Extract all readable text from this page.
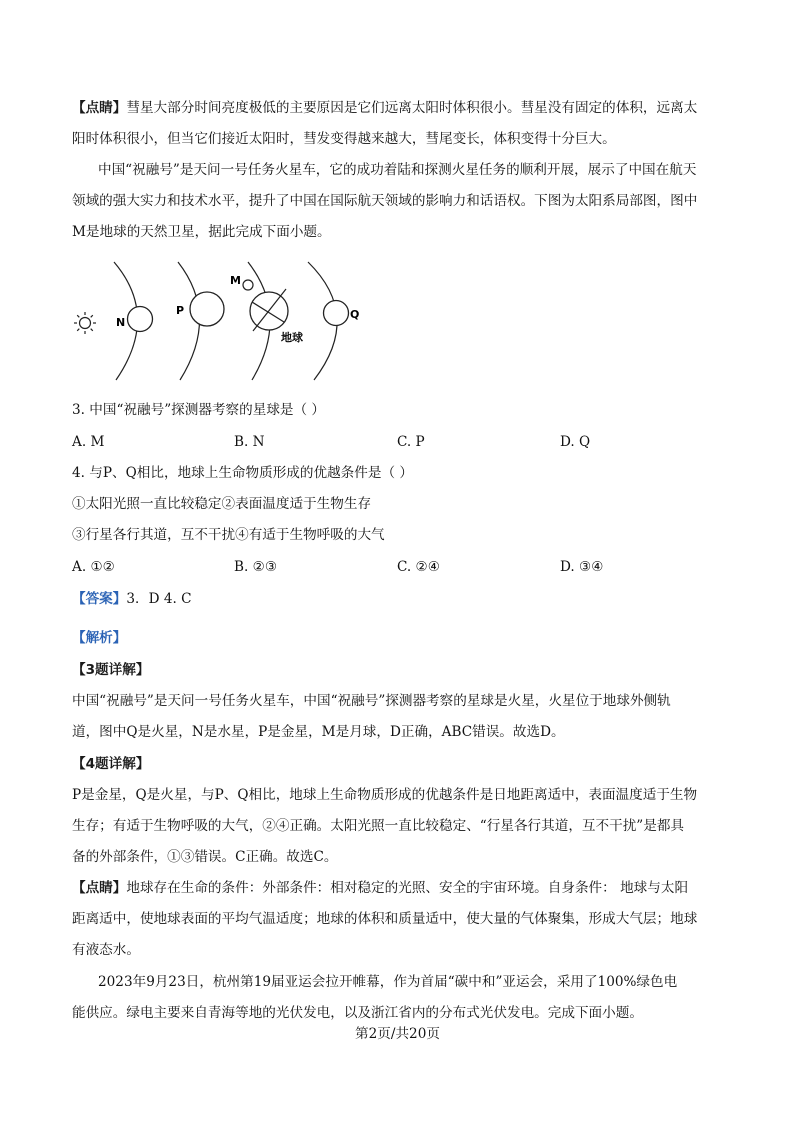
【点睛】彗星大部分时间亮度极低的主要原因是它们远离太阳时体积很小。彗星没有固定的体积，远离太
阳时体积很小，但当它们接近太阳时，彗发变得越来越大，彗尾变长，体积变得十分巨大。
中国“祝融号”是天问一号任务火星车，它的成功着陆和探测火星任务的顺利开展，展示了中国在航天
领域的强大实力和技术水平，提升了中国在国际航天领域的影响力和话语权。下图为太阳系局部图，图中
M是地球的天然卫星，据此完成下面小题。
N
P
M
Q
地球
3. 中国“祝融号”探测器考察的星球是（ ）
A. M	B. N	C. P	D. Q
4. 与P、Q相比，地球上生命物质形成的优越条件是（ ）
①太阳光照一直比较稳定②表面温度适于生物生存
③行星各行其道，互不干扰④有适于生物呼吸的大气
A. ①②	B. ②③	C. ②④	D. ③④
【答案】3．D 4. C
【解析】
【3题详解】
中国“祝融号”是天问一号任务火星车，中国“祝融号”探测器考察的星球是火星，火星位于地球外侧轨
道，图中Q是火星，N是水星，P是金星，M是月球，D正确，ABC错误。故选D。
【4题详解】
P是金星，Q是火星，与P、Q相比，地球上生命物质形成的优越条件是日地距离适中，表面温度适于生物
生存；有适于生物呼吸的大气，②④正确。太阳光照一直比较稳定、“行星各行其道，互不干扰”是都具
备的外部条件，①③错误。C正确。故选C。
【点睛】地球存在生命的条件：外部条件：相对稳定的光照、安全的宇宙环境。自身条件： 地球与太阳
距离适中，使地球表面的平均气温适度；地球的体积和质量适中，使大量的气体聚集，形成大气层；地球
有液态水。
2023年9月23日，杭州第19届亚运会拉开帷幕，作为首届“碳中和”亚运会，采用了100%绿色电
能供应。绿电主要来自青海等地的光伏发电，以及浙江省内的分布式光伏发电。完成下面小题。
第2页/共20页
